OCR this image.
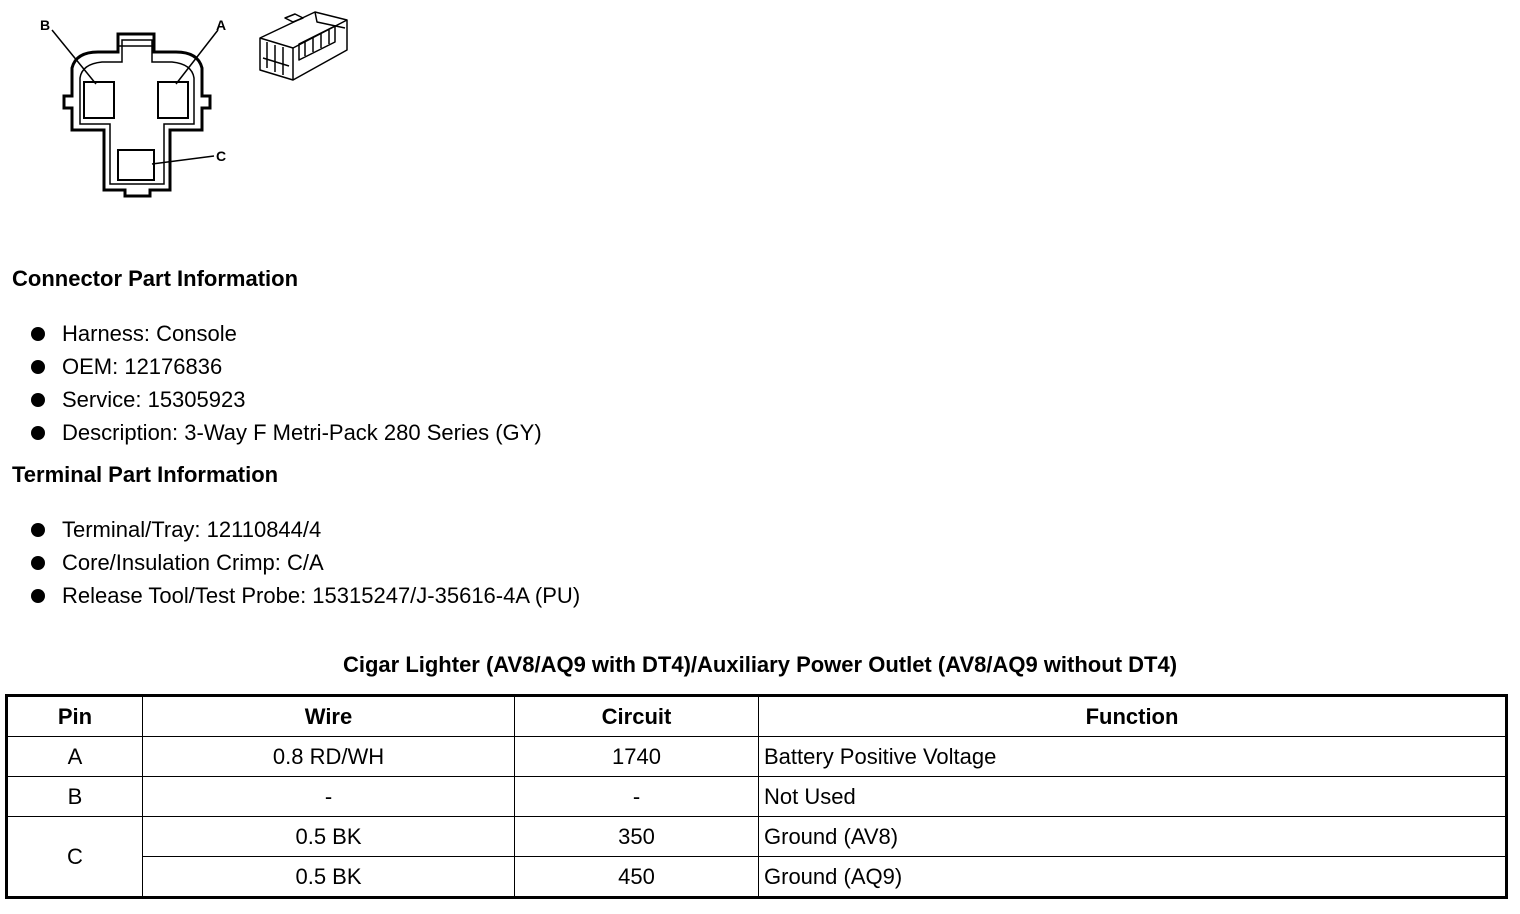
B	A
C
Connector Part Information
Harness: Console
OEM: 12176836
Service: 15305923
Description: 3-Way F Metri-Pack 280 Series (GY)
Terminal Part Information
Terminal/Tray: 12110844/4
Core/Insulation Crimp: C/A
Release Tool/Test Probe: 15315247/J-35616-4A (PU)
Cigar Lighter (AV8/AQ9 with DT4)/Auxiliary Power Outlet (AV8/AQ9 without DT4)
Pin	Wire	Circuit	Function
A	0.8 RD/WH	1740	Battery Positive Voltage
B	-	-	Not Used
C	0.5 BK	350	Ground (AV8)
	0.5 BK	450	Ground (AQ9)
